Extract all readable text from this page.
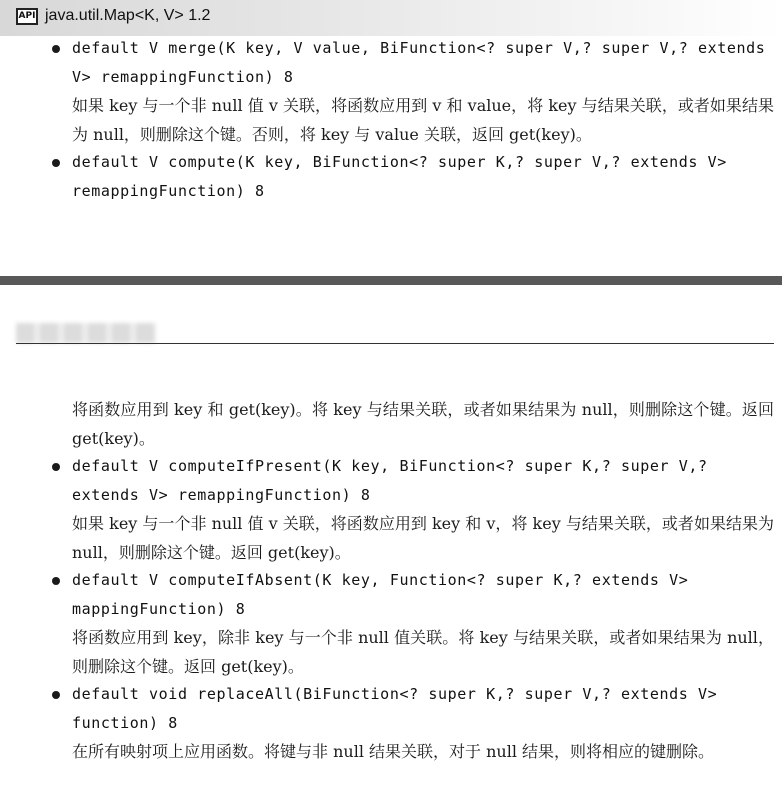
API java.util.Map<K, V> 1.2
default V merge(K key, V value, BiFunction<? super V,? super V,? extends V> remappingFunction) 8
如果 key 与一个非 null 值 v 关联，将函数应用到 v 和 value，将 key 与结果关联，或者如果结果为 null，则删除这个键。否则，将 key 与 value 关联，返回 get(key)。
default V compute(K key, BiFunction<? super K,? super V,? extends V> remappingFunction) 8
将函数应用到 key 和 get(key)。将 key 与结果关联，或者如果结果为 null，则删除这个键。返回 get(key)。
default V computeIfPresent(K key, BiFunction<? super K,? super V,? extends V> remappingFunction) 8
如果 key 与一个非 null 值 v 关联，将函数应用到 key 和 v，将 key 与结果关联，或者如果结果为 null，则删除这个键。返回 get(key)。
default V computeIfAbsent(K key, Function<? super K,? extends V> mappingFunction) 8
将函数应用到 key，除非 key 与一个非 null 值关联。将 key 与结果关联，或者如果结果为 null，则删除这个键。返回 get(key)。
default void replaceAll(BiFunction<? super K,? super V,? extends V> function) 8
在所有映射项上应用函数。将键与非 null 结果关联，对于 null 结果，则将相应的键删除。
